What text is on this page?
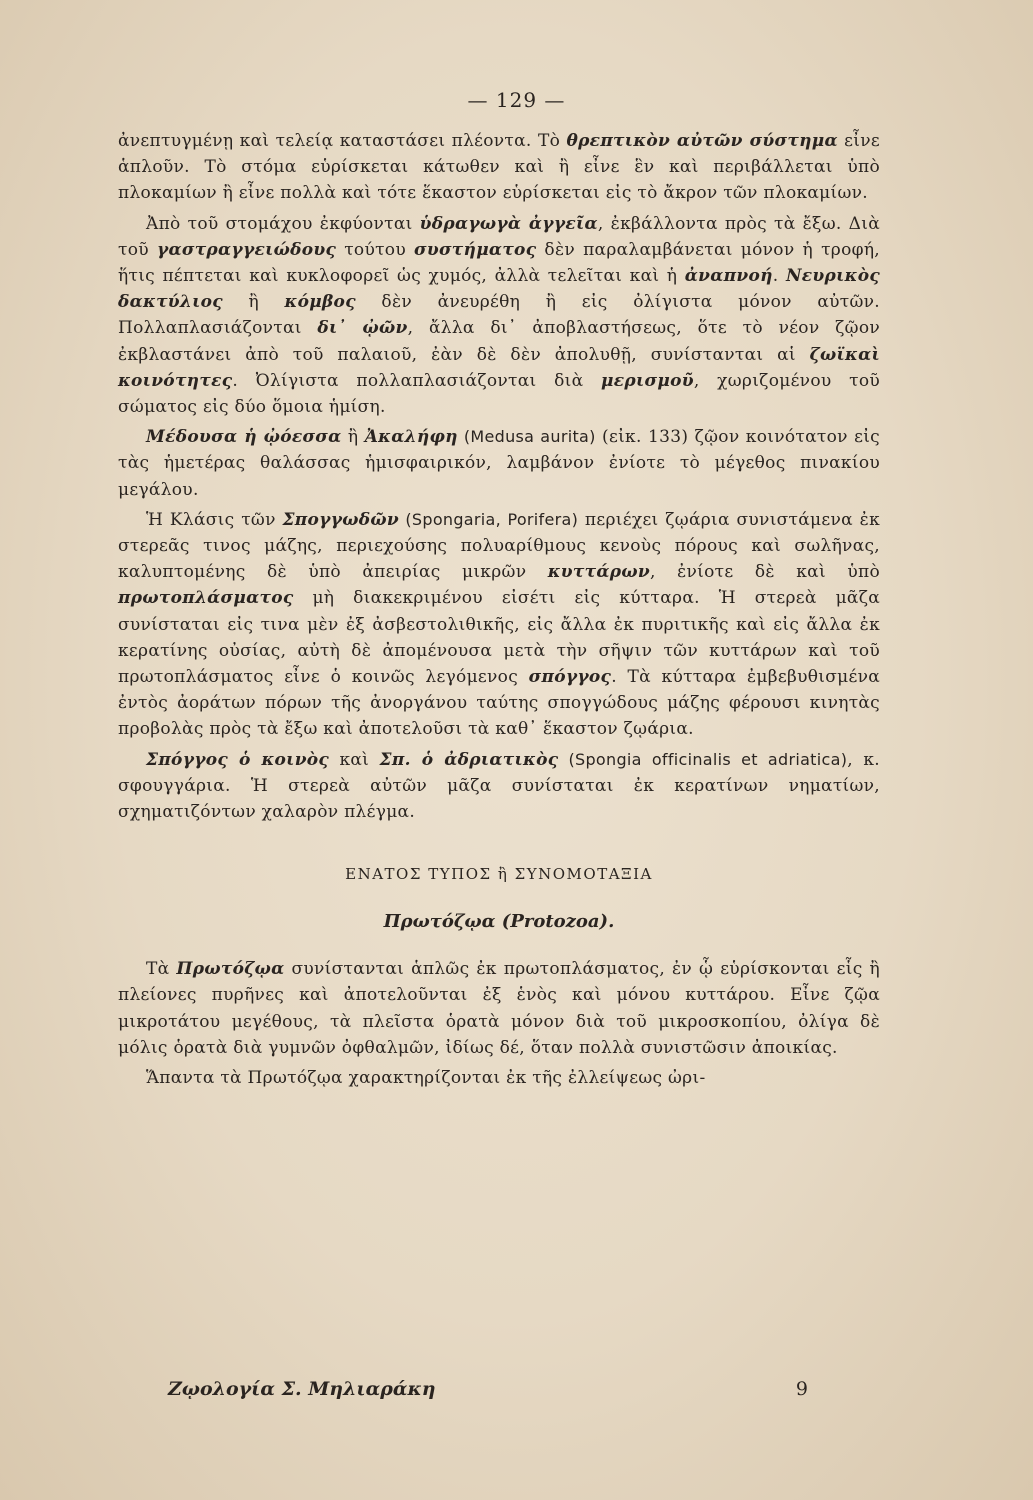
— 129 —

ἀνεπτυγμένῃ καὶ τελείᾳ καταστάσει πλέοντα. Τὸ θρεπτικὸν αὐτῶν σύστημα εἶνε ἁπλοῦν. Τὸ στόμα εὑρίσκεται κάτωθεν καὶ ἢ εἶνε ἓν καὶ περιβάλλεται ὑπὸ πλοκαμίων ἢ εἶνε πολλὰ καὶ τότε ἕκαστον εὑρίσκεται εἰς τὸ ἄκρον τῶν πλοκαμίων.

Ἀπὸ τοῦ στομάχου ἐκφύονται ὑδραγωγὰ ἀγγεῖα, ἐκβάλλοντα πρὸς τὰ ἔξω. Διὰ τοῦ γαστραγγειώδους τούτου συστήματος δὲν παραλαμβάνεται μόνον ἡ τροφή, ἥτις πέπτεται καὶ κυκλοφορεῖ ὡς χυμός, ἀλλὰ τελεῖται καὶ ἡ ἀναπνοή. Νευρικὸς δακτύλιος ἢ κόμβος δὲν ἀνευρέθη ἢ εἰς ὀλίγιστα μόνον αὐτῶν. Πολλαπλασιάζονται δι᾿ ᾠῶν, ἄλλα δι᾿ ἀποβλαστήσεως, ὅτε τὸ νέον ζῷον ἐκβλαστάνει ἀπὸ τοῦ παλαιοῦ, ἐὰν δὲ δὲν ἀπολυθῇ, συνίστανται αἱ ζωϊκαὶ κοινότητες. Ὀλίγιστα πολλαπλασιάζονται διὰ μερισμοῦ, χωριζομένου τοῦ σώματος εἰς δύο ὅμοια ἡμίση.

Μέδουσα ἡ ᾠόεσσα ἢ Ἀκαλήφη (Medusa aurita) (εἰκ. 133) ζῷον κοινότατον εἰς τὰς ἡμετέρας θαλάσσας ἡμισφαιρικόν, λαμβάνον ἐνίοτε τὸ μέγεθος πινακίου μεγάλου.

Ἡ Κλάσις τῶν Σπογγωδῶν (Spongaria, Porifera) περιέχει ζῳάρια συνιστάμενα ἐκ στερεᾶς τινος μάζης, περιεχούσης πολυαρίθμους κενοὺς πόρους καὶ σωλῆνας, καλυπτομένης δὲ ὑπὸ ἀπειρίας μικρῶν κυττάρων, ἐνίοτε δὲ καὶ ὑπὸ πρωτοπλάσματος μὴ διακεκριμένου εἰσέτι εἰς κύτταρα. Ἡ στερεὰ μᾶζα συνίσταται εἰς τινα μὲν ἐξ ἀσβεστολιθικῆς, εἰς ἄλλα ἐκ πυριτικῆς καὶ εἰς ἄλλα ἐκ κερατίνης οὐσίας, αὐτὴ δὲ ἀπομένουσα μετὰ τὴν σῆψιν τῶν κυττάρων καὶ τοῦ πρωτοπλάσματος εἶνε ὁ κοινῶς λεγόμενος σπόγγος. Τὰ κύτταρα ἐμβεβυθισμένα ἐντὸς ἀοράτων πόρων τῆς ἀνοργάνου ταύτης σπογγώδους μάζης φέρουσι κινητὰς προβολὰς πρὸς τὰ ἔξω καὶ ἀποτελοῦσι τὰ καθ᾿ ἕκαστον ζῳάρια.

Σπόγγος ὁ κοινὸς καὶ Σπ. ὁ ἀδριατικὸς (Spongia officinalis et adriatica), κ. σφουγγάρια. Ἡ στερεὰ αὐτῶν μᾶζα συνίσταται ἐκ κερατίνων νηματίων, σχηματιζόντων χαλαρὸν πλέγμα.

ΕΝΑΤΟΣ ΤΥΠΟΣ ἢ ΣΥΝΟΜΟΤΑΞΙΑ
Πρωτόζῳα (Protozoa).

Τὰ Πρωτόζῳα συνίστανται ἁπλῶς ἐκ πρωτοπλάσματος, ἐν ᾧ εὑρίσκονται εἷς ἢ πλείονες πυρῆνες καὶ ἀποτελοῦνται ἐξ ἑνὸς καὶ μόνου κυττάρου. Εἶνε ζῷα μικροτάτου μεγέθους, τὰ πλεῖστα ὁρατὰ μόνον διὰ τοῦ μικροσκοπίου, ὀλίγα δὲ μόλις ὁρατὰ διὰ γυμνῶν ὀφθαλμῶν, ἰδίως δέ, ὅταν πολλὰ συνιστῶσιν ἀποικίας.

Ἅπαντα τὰ Πρωτόζῳα χαρακτηρίζονται ἐκ τῆς ἐλλείψεως ὠρι-

Ζῳολογία Σ. Μηλιαράκη	9
